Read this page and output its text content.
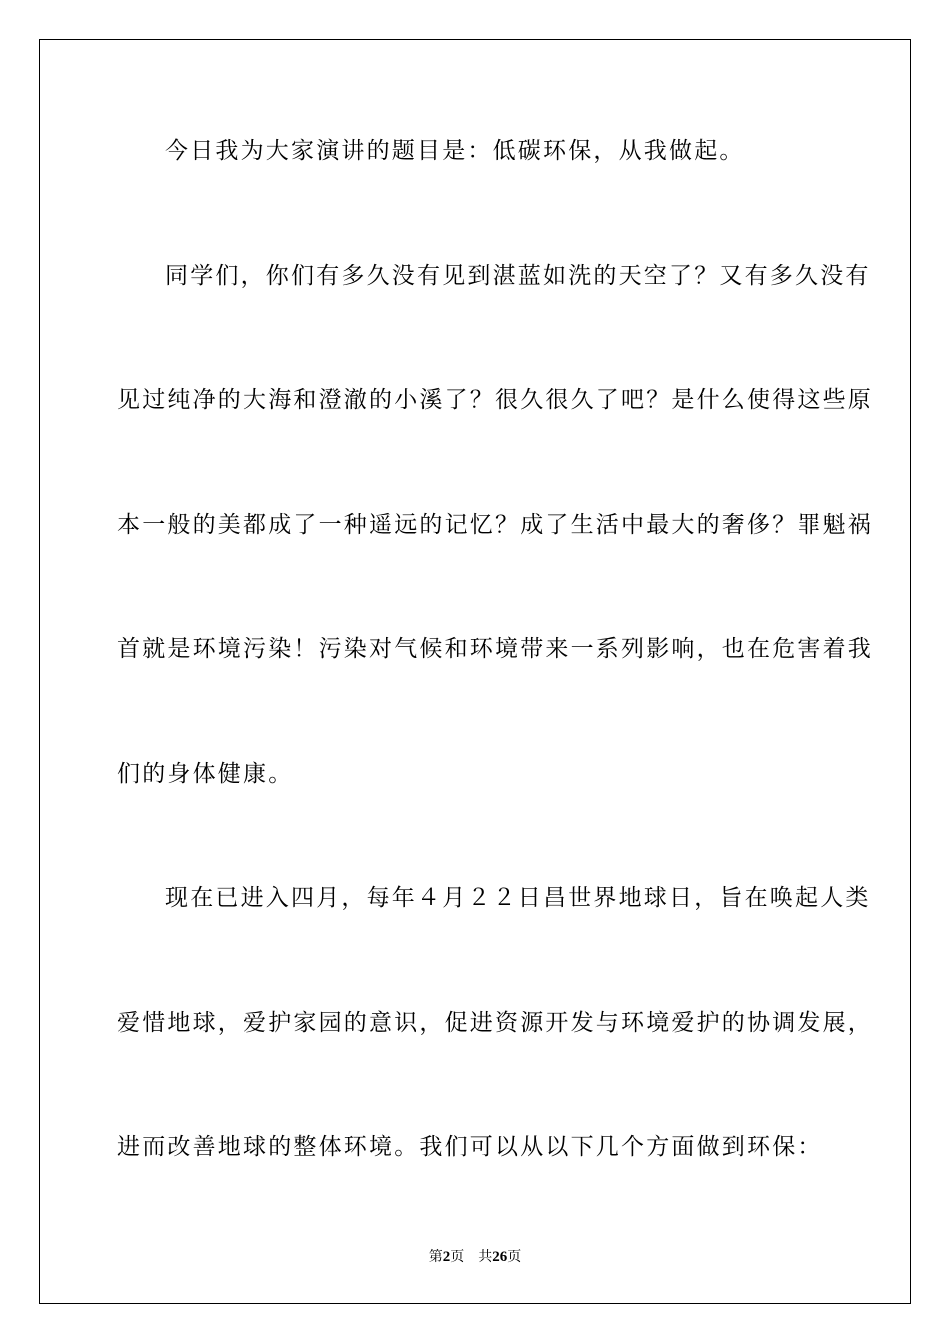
今日我为大家演讲的题目是：低碳环保，从我做起。
同学们，你们有多久没有见到湛蓝如洗的天空了？又有多久没有
见过纯净的大海和澄澈的小溪了？很久很久了吧？是什么使得这些原
本一般的美都成了一种遥远的记忆？成了生活中最大的奢侈？罪魁祸
首就是环境污染！污染对气候和环境带来一系列影响，也在危害着我
们的身体健康。
现在已进入四月，每年４月２２日昌世界地球日，旨在唤起人类
爱惜地球，爱护家园的意识，促进资源开发与环境爱护的协调发展，
进而改善地球的整体环境。我们可以从以下几个方面做到环保：
第2页 共26页
